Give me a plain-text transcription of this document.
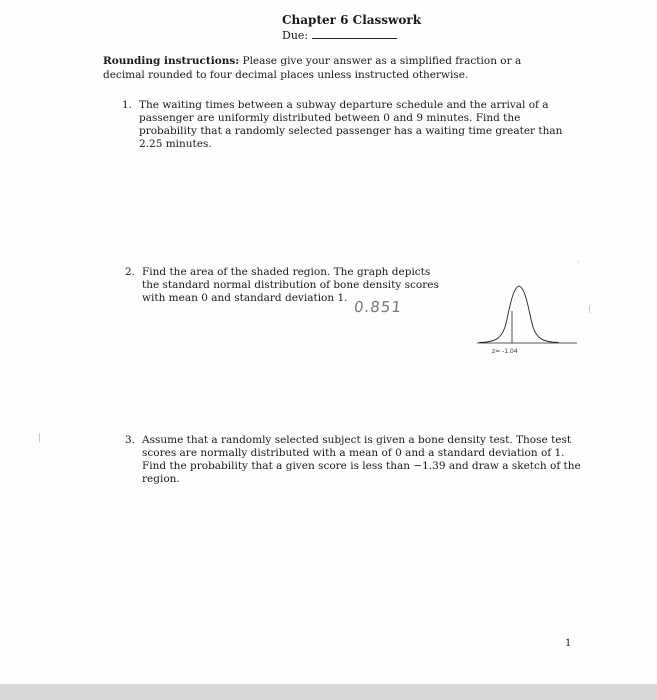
Chapter 6 Classwork
Due:
Rounding instructions: Please give your answer as a simplified fraction or a decimal rounded to four decimal places unless instructed otherwise.
1. The waiting times between a subway departure schedule and the arrival of a passenger are uniformly distributed between 0 and 9 minutes. Find the probability that a randomly selected passenger has a waiting time greater than 2.25 minutes.
2. Find the area of the shaded region. The graph depicts the standard normal distribution of bone density scores with mean 0 and standard deviation 1. 0.851
z= -1.04
3. Assume that a randomly selected subject is given a bone density test. Those test scores are normally distributed with a mean of 0 and a standard deviation of 1. Find the probability that a given score is less than −1.39 and draw a sketch of the region.
1
(
·
|
